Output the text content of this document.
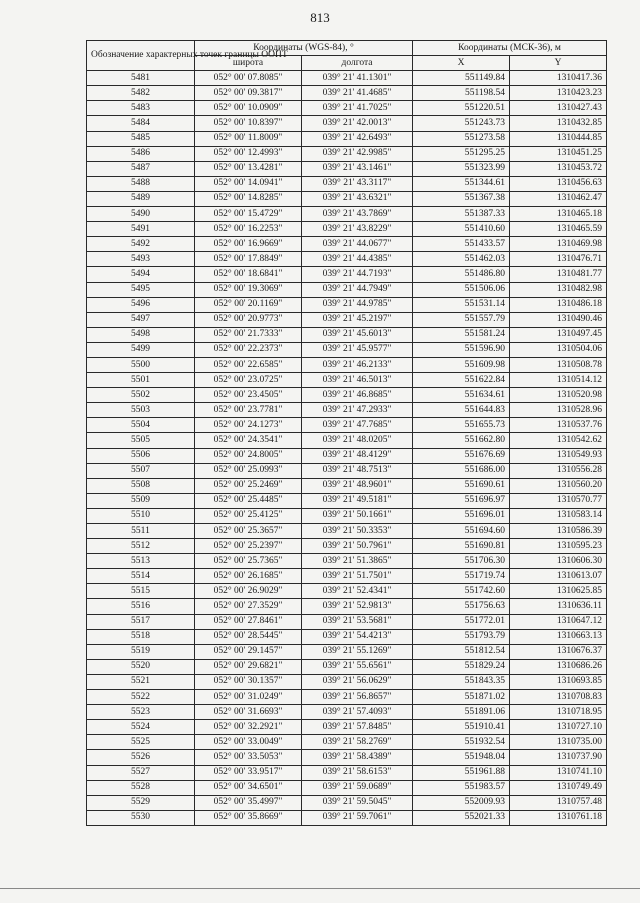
813
Обозначение характерных точек границы ООПТ	Координаты (WGS-84), °		Координаты (МСК-36), м	
	широта	долгота	X	Y
5481	052° 00' 07.8085"	039° 21' 41.1301"	551149.84	1310417.36
5482	052° 00' 09.3817"	039° 21' 41.4685"	551198.54	1310423.23
5483	052° 00' 10.0909"	039° 21' 41.7025"	551220.51	1310427.43
5484	052° 00' 10.8397"	039° 21' 42.0013"	551243.73	1310432.85
5485	052° 00' 11.8009"	039° 21' 42.6493"	551273.58	1310444.85
5486	052° 00' 12.4993"	039° 21' 42.9985"	551295.25	1310451.25
5487	052° 00' 13.4281"	039° 21' 43.1461"	551323.99	1310453.72
5488	052° 00' 14.0941"	039° 21' 43.3117"	551344.61	1310456.63
5489	052° 00' 14.8285"	039° 21' 43.6321"	551367.38	1310462.47
5490	052° 00' 15.4729"	039° 21' 43.7869"	551387.33	1310465.18
5491	052° 00' 16.2253"	039° 21' 43.8229"	551410.60	1310465.59
5492	052° 00' 16.9669"	039° 21' 44.0677"	551433.57	1310469.98
5493	052° 00' 17.8849"	039° 21' 44.4385"	551462.03	1310476.71
5494	052° 00' 18.6841"	039° 21' 44.7193"	551486.80	1310481.77
5495	052° 00' 19.3069"	039° 21' 44.7949"	551506.06	1310482.98
5496	052° 00' 20.1169"	039° 21' 44.9785"	551531.14	1310486.18
5497	052° 00' 20.9773"	039° 21' 45.2197"	551557.79	1310490.46
5498	052° 00' 21.7333"	039° 21' 45.6013"	551581.24	1310497.45
5499	052° 00' 22.2373"	039° 21' 45.9577"	551596.90	1310504.06
5500	052° 00' 22.6585"	039° 21' 46.2133"	551609.98	1310508.78
5501	052° 00' 23.0725"	039° 21' 46.5013"	551622.84	1310514.12
5502	052° 00' 23.4505"	039° 21' 46.8685"	551634.61	1310520.98
5503	052° 00' 23.7781"	039° 21' 47.2933"	551644.83	1310528.96
5504	052° 00' 24.1273"	039° 21' 47.7685"	551655.73	1310537.76
5505	052° 00' 24.3541"	039° 21' 48.0205"	551662.80	1310542.62
5506	052° 00' 24.8005"	039° 21' 48.4129"	551676.69	1310549.93
5507	052° 00' 25.0993"	039° 21' 48.7513"	551686.00	1310556.28
5508	052° 00' 25.2469"	039° 21' 48.9601"	551690.61	1310560.20
5509	052° 00' 25.4485"	039° 21' 49.5181"	551696.97	1310570.77
5510	052° 00' 25.4125"	039° 21' 50.1661"	551696.01	1310583.14
5511	052° 00' 25.3657"	039° 21' 50.3353"	551694.60	1310586.39
5512	052° 00' 25.2397"	039° 21' 50.7961"	551690.81	1310595.23
5513	052° 00' 25.7365"	039° 21' 51.3865"	551706.30	1310606.30
5514	052° 00' 26.1685"	039° 21' 51.7501"	551719.74	1310613.07
5515	052° 00' 26.9029"	039° 21' 52.4341"	551742.60	1310625.85
5516	052° 00' 27.3529"	039° 21' 52.9813"	551756.63	1310636.11
5517	052° 00' 27.8461"	039° 21' 53.5681"	551772.01	1310647.12
5518	052° 00' 28.5445"	039° 21' 54.4213"	551793.79	1310663.13
5519	052° 00' 29.1457"	039° 21' 55.1269"	551812.54	1310676.37
5520	052° 00' 29.6821"	039° 21' 55.6561"	551829.24	1310686.26
5521	052° 00' 30.1357"	039° 21' 56.0629"	551843.35	1310693.85
5522	052° 00' 31.0249"	039° 21' 56.8657"	551871.02	1310708.83
5523	052° 00' 31.6693"	039° 21' 57.4093"	551891.06	1310718.95
5524	052° 00' 32.2921"	039° 21' 57.8485"	551910.41	1310727.10
5525	052° 00' 33.0049"	039° 21' 58.2769"	551932.54	1310735.00
5526	052° 00' 33.5053"	039° 21' 58.4389"	551948.04	1310737.90
5527	052° 00' 33.9517"	039° 21' 58.6153"	551961.88	1310741.10
5528	052° 00' 34.6501"	039° 21' 59.0689"	551983.57	1310749.49
5529	052° 00' 35.4997"	039° 21' 59.5045"	552009.93	1310757.48
5530	052° 00' 35.8669"	039° 21' 59.7061"	552021.33	1310761.18
